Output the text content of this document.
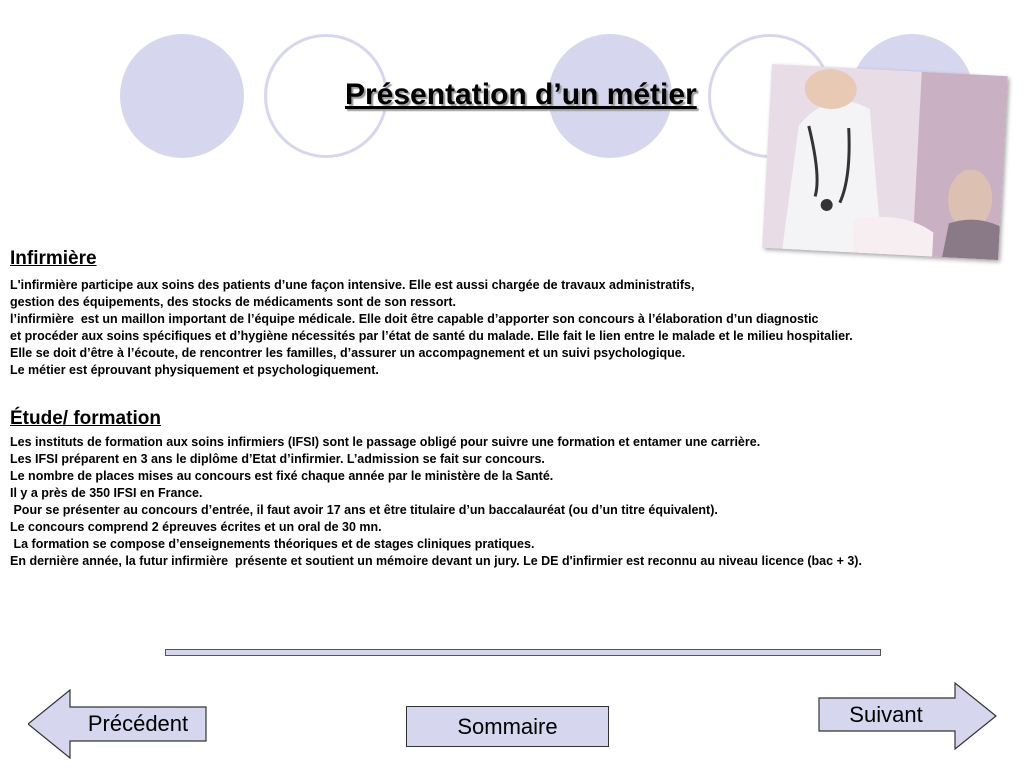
Présentation d’un métier
Infirmière
L'infirmière participe aux soins des patients d’une façon intensive. Elle est aussi chargée de travaux administratifs,
gestion des équipements, des stocks de médicaments sont de son ressort.
l’infirmière  est un maillon important de l’équipe médicale. Elle doit être capable d’apporter son concours à l’élaboration d’un diagnostic
et procéder aux soins spécifiques et d’hygiène nécessités par l’état de santé du malade. Elle fait le lien entre le malade et le milieu hospitalier.
Elle se doit d’être à l’écoute, de rencontrer les familles, d’assurer un accompagnement et un suivi psychologique.
Le métier est éprouvant physiquement et psychologiquement.
Étude/ formation
Les instituts de formation aux soins infirmiers (IFSI) sont le passage obligé pour suivre une formation et entamer une carrière.
Les IFSI préparent en 3 ans le diplôme d’Etat d’infirmier. L’admission se fait sur concours.
Le nombre de places mises au concours est fixé chaque année par le ministère de la Santé.
Il y a près de 350 IFSI en France.
Pour se présenter au concours d’entrée, il faut avoir 17 ans et être titulaire d’un baccalauréat (ou d’un titre équivalent).
Le concours comprend 2 épreuves écrites et un oral de 30 mn.
La formation se compose d’enseignements théoriques et de stages cliniques pratiques.
En dernière année, la futur infirmière  présente et soutient un mémoire devant un jury. Le DE d'infirmier est reconnu au niveau licence (bac + 3).
Précédent	Sommaire	Suivant
